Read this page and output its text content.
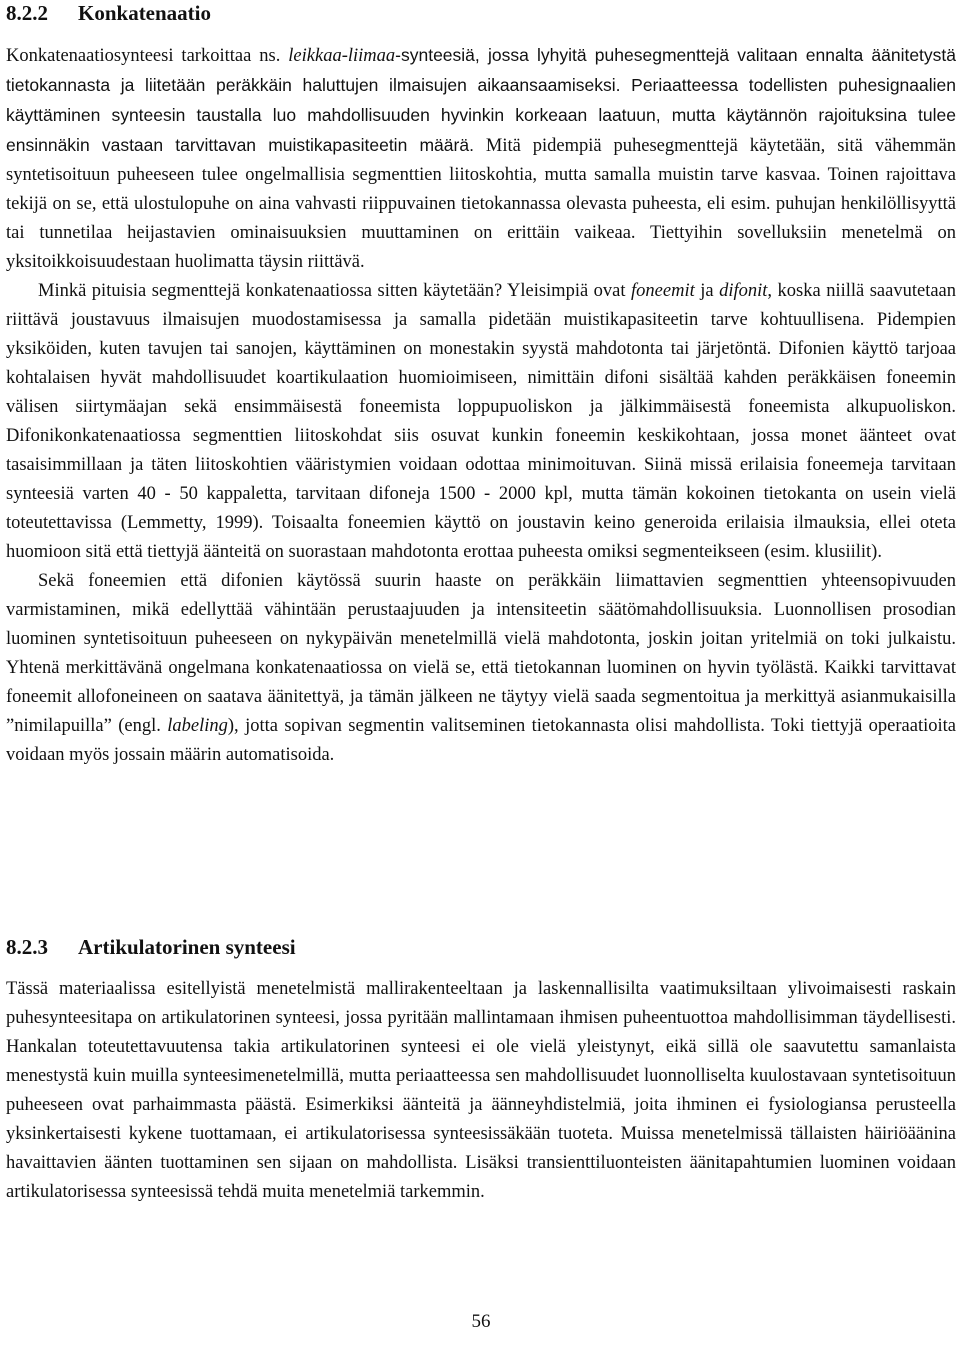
8.2.2 Konkatenaatio

Konkatenaatiosynteesi tarkoittaa ns. leikkaa-liimaa-synteesiä, jossa lyhyitä puhesegmenttejä valitaan ennalta äänitetystä tietokannasta ja liitetään peräkkäin haluttujen ilmaisujen aikaansaamiseksi. Periaatteessa todellisten puhesignaalien käyttäminen synteesin taustalla luo mahdollisuuden hyvinkin korkeaan laatuun, mutta käytännön rajoituksina tulee ensinnäkin vastaan tarvittavan muistikapasiteetin määrä. Mitä pidempiä puhesegmenttejä käytetään, sitä vähemmän syntetisoituun puheeseen tulee ongelmallisia segmenttien liitoskohtia, mutta samalla muistin tarve kasvaa. Toinen rajoittava tekijä on se, että ulostulopuhe on aina vahvasti riippuvainen tietokannassa olevasta puheesta, eli esim. puhujan henkilöllisyyttä tai tunnetilaa heijastavien ominaisuuksien muuttaminen on erittäin vaikeaa. Tiettyihin sovelluksiin menetelmä on yksitoikkoisuudestaan huolimatta täysin riittävä.

Minkä pituisia segmenttejä konkatenaatiossa sitten käytetään? Yleisimpiä ovat foneemit ja difonit, koska niillä saavutetaan riittävä joustavuus ilmaisujen muodostamisessa ja samalla pidetään muistikapasiteetin tarve kohtuullisena. Pidempien yksiköiden, kuten tavujen tai sanojen, käyttäminen on monestakin syystä mahdotonta tai järjetöntä. Difonien käyttö tarjoaa kohtalaisen hyvät mahdollisuudet koartikulaation huomioimiseen, nimittäin difoni sisältää kahden peräkkäisen foneemin välisen siirtymäajan sekä ensimmäisestä foneemista loppupuoliskon ja jälkimmäisestä foneemista alkupuoliskon. Difonikonkatenaatiossa segmenttien liitoskohdat siis osuvat kunkin foneemin keskikohtaan, jossa monet äänteet ovat tasaisimmillaan ja täten liitoskohtien vääristymien voidaan odottaa minimoituvan. Siinä missä erilaisia foneemeja tarvitaan synteesiä varten 40 - 50 kappaletta, tarvitaan difoneja 1500 - 2000 kpl, mutta tämän kokoinen tietokanta on usein vielä toteutettavissa (Lemmetty, 1999). Toisaalta foneemien käyttö on joustavin keino generoida erilaisia ilmauksia, ellei oteta huomioon sitä että tiettyjä äänteitä on suorastaan mahdotonta erottaa puheesta omiksi segmenteikseen (esim. klusiilit).

Sekä foneemien että difonien käytössä suurin haaste on peräkkäin liimattavien segmenttien yhteensopivuuden varmistaminen, mikä edellyttää vähintään perustaajuuden ja intensiteetin säätömahdollisuuksia. Luonnollisen prosodian luominen syntetisoituun puheeseen on nykypäivän menetelmillä vielä mahdotonta, joskin joitan yritelmiä on toki julkaistu. Yhtenä merkittävänä ongelmana konkatenaatiossa on vielä se, että tietokannan luominen on hyvin työlästä. Kaikki tarvittavat foneemit allofoneineen on saatava äänitettyä, ja tämän jälkeen ne täytyy vielä saada segmentoitua ja merkittyä asianmukaisilla ”nimilapuilla” (engl. labeling), jotta sopivan segmentin valitseminen tietokannasta olisi mahdollista. Toki tiettyjä operaatioita voidaan myös jossain määrin automatisoida.

8.2.3 Artikulatorinen synteesi

Tässä materiaalissa esitellyistä menetelmistä mallirakenteeltaan ja laskennallisilta vaatimuksiltaan ylivoimaisesti raskain puhesynteesitapa on artikulatorinen synteesi, jossa pyritään mallintamaan ihmisen puheentuottoa mahdollisimman täydellisesti. Hankalan toteutettavuutensa takia artikulatorinen synteesi ei ole vielä yleistynyt, eikä sillä ole saavutettu samanlaista menestystä kuin muilla synteesimenetelmillä, mutta periaatteessa sen mahdollisuudet luonnolliselta kuulostavaan syntetisoituun puheeseen ovat parhaimmasta päästä. Esimerkiksi äänteitä ja äänneyhdistelmiä, joita ihminen ei fysiologiansa perusteella yksinkertaisesti kykene tuottamaan, ei artikulatorisessa synteesissäkään tuoteta. Muissa menetelmissä tällaisten häiriöäänina havaittavien äänten tuottaminen sen sijaan on mahdollista. Lisäksi transienttiluonteisten äänitapahtumien luominen voidaan artikulatorisessa synteesissä tehdä muita menetelmiä tarkemmin.

56
